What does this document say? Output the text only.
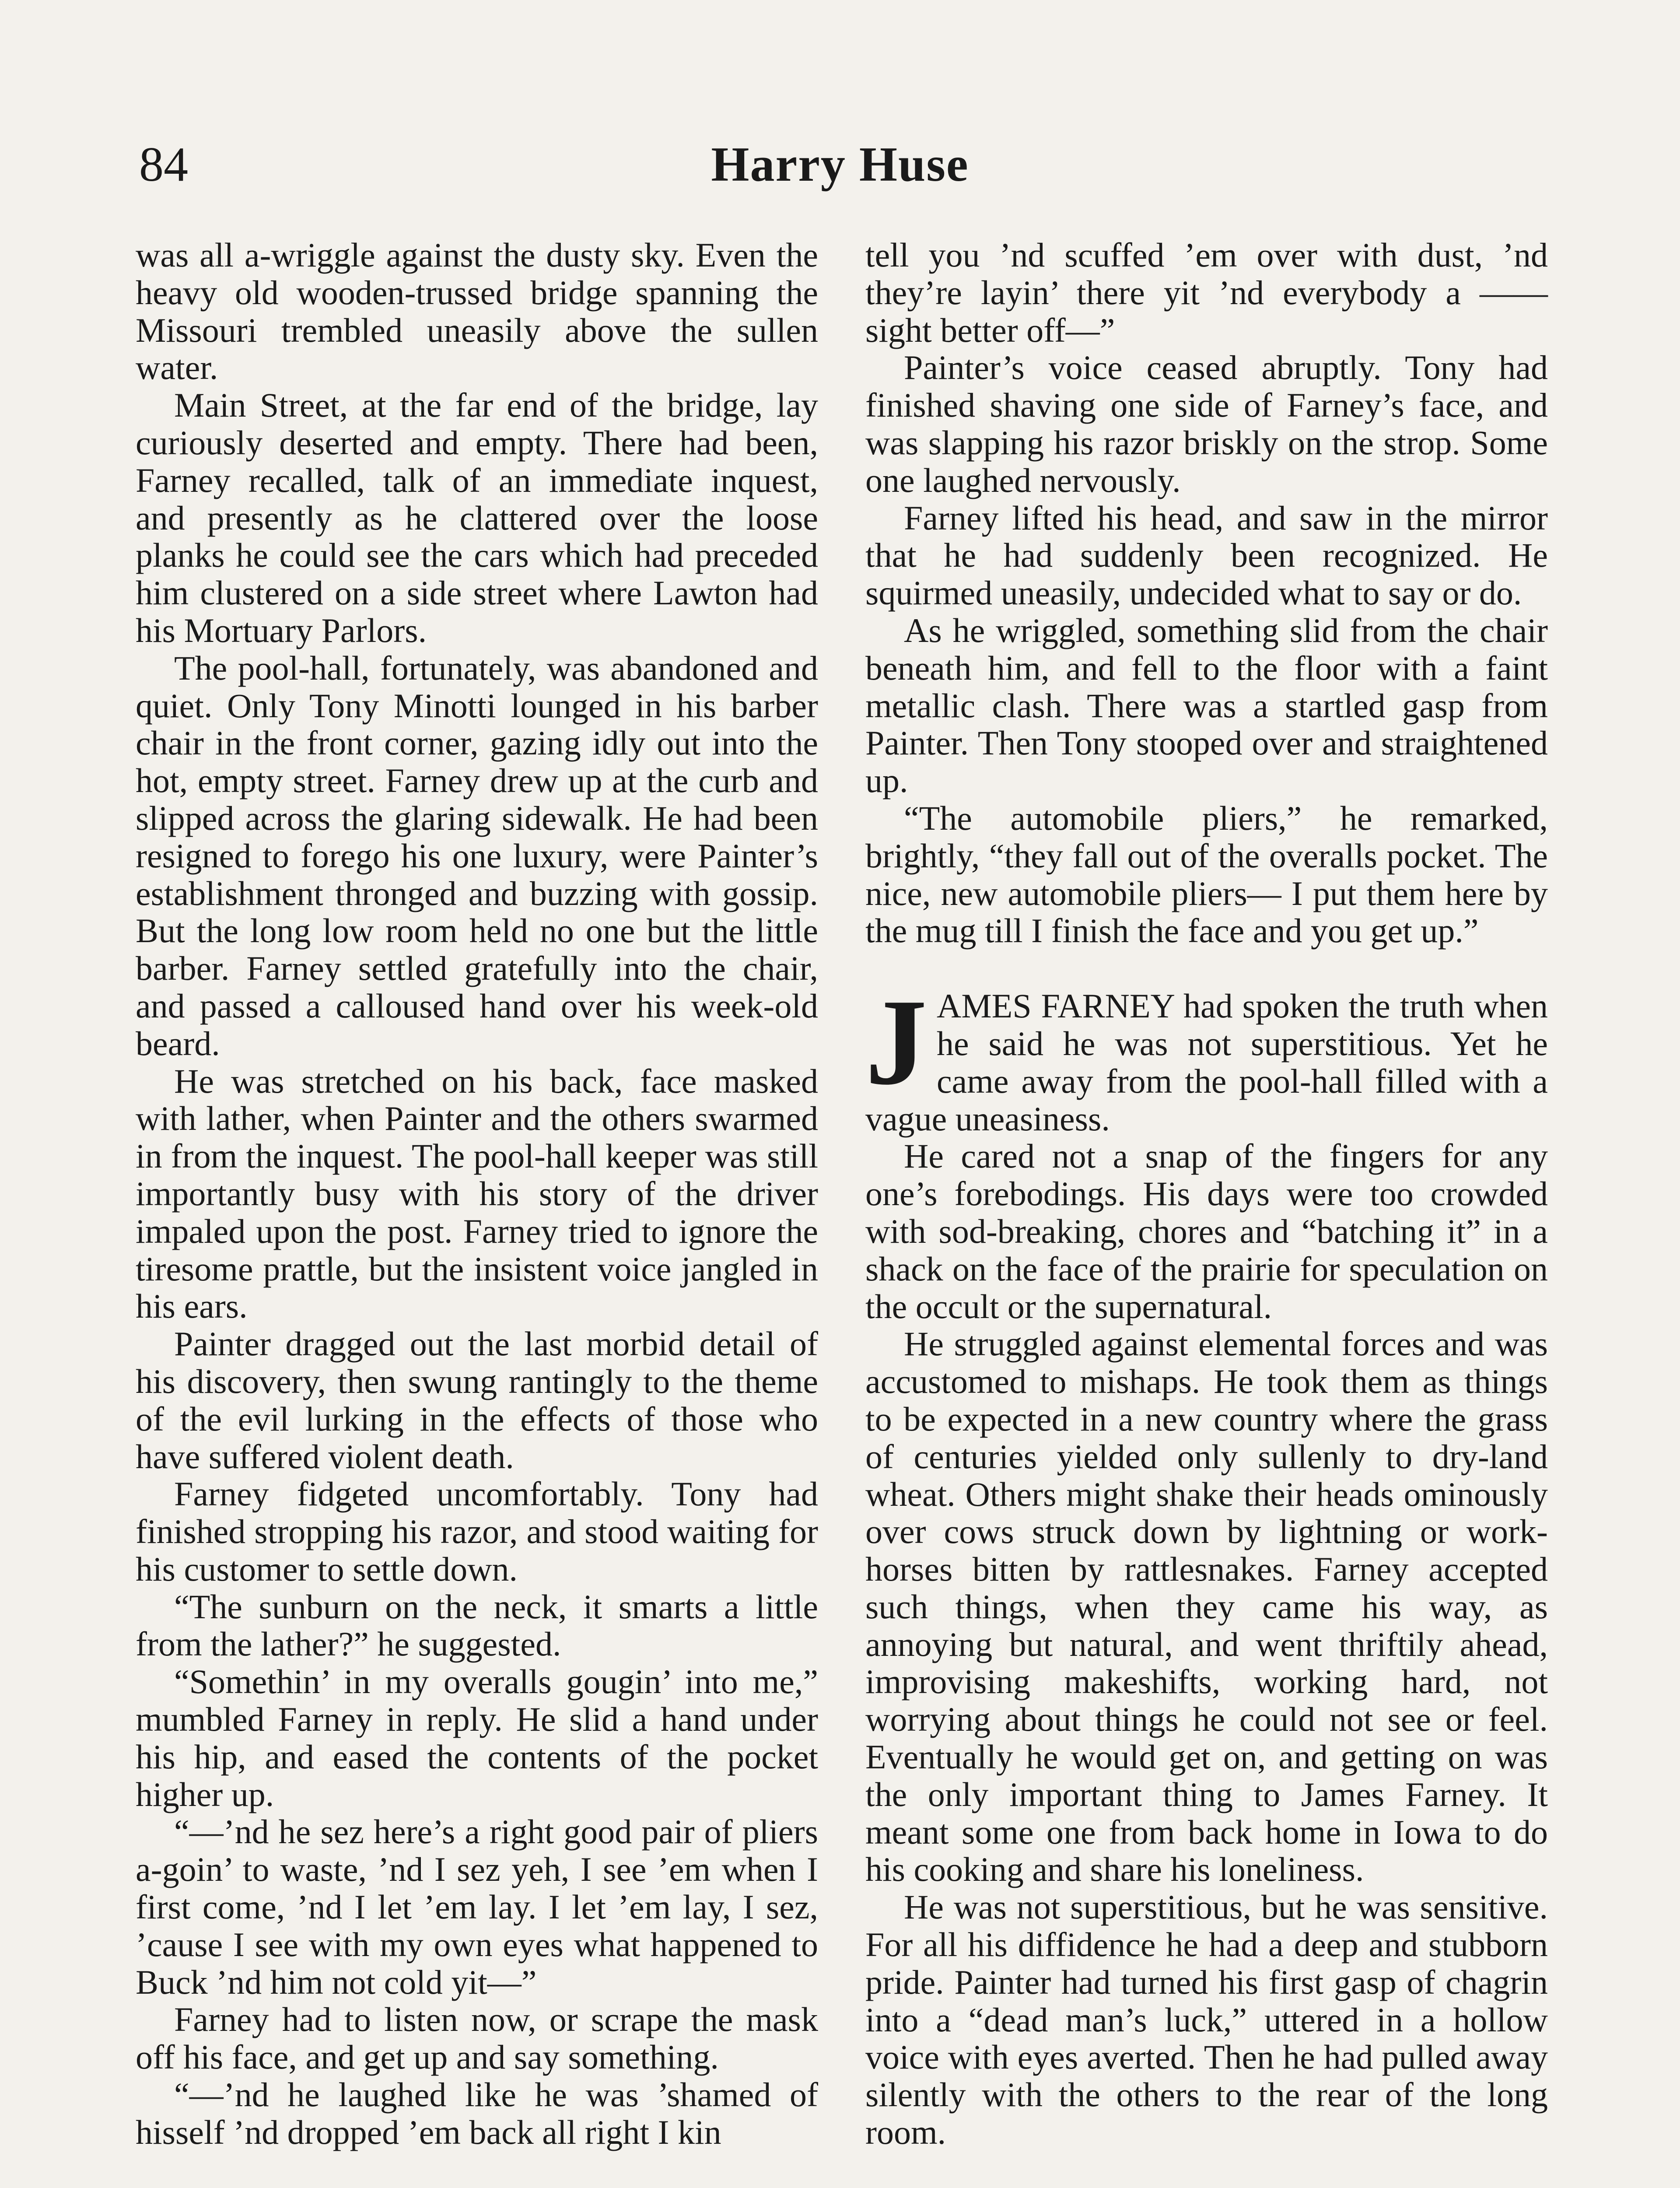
84	Harry Huse

was all a-wriggle against the dusty sky. Even the heavy old wooden-trussed bridge spanning the Missouri trembled uneasily above the sullen water.

Main Street, at the far end of the bridge, lay curiously deserted and empty. There had been, Farney recalled, talk of an immediate inquest, and presently as he clattered over the loose planks he could see the cars which had preceded him clustered on a side street where Lawton had his Mortuary Parlors.

The pool-hall, fortunately, was abandoned and quiet. Only Tony Minotti lounged in his barber chair in the front corner, gazing idly out into the hot, empty street. Farney drew up at the curb and slipped across the glaring sidewalk. He had been resigned to forego his one luxury, were Painter’s establishment thronged and buzzing with gossip. But the long low room held no one but the little barber. Farney settled gratefully into the chair, and passed a calloused hand over his week-old beard.

He was stretched on his back, face masked with lather, when Painter and the others swarmed in from the inquest. The pool-hall keeper was still importantly busy with his story of the driver impaled upon the post. Farney tried to ignore the tiresome prattle, but the insistent voice jangled in his ears.

Painter dragged out the last morbid detail of his discovery, then swung rantingly to the theme of the evil lurking in the effects of those who have suffered violent death.

Farney fidgeted uncomfortably. Tony had finished stropping his razor, and stood waiting for his customer to settle down.

“The sunburn on the neck, it smarts a little from the lather?” he suggested.

“Somethin’ in my overalls gougin’ into me,” mumbled Farney in reply. He slid a hand under his hip, and eased the contents of the pocket higher up.

“—’nd he sez here’s a right good pair of pliers a-goin’ to waste, ’nd I sez yeh, I see ’em when I first come, ’nd I let ’em lay. I let ’em lay, I sez, ’cause I see with my own eyes what happened to Buck ’nd him not cold yit—”

Farney had to listen now, or scrape the mask off his face, and get up and say something.

“—’nd he laughed like he was ’shamed of hisself ’nd dropped ’em back all right I kin

tell you ’nd scuffed ’em over with dust, ’nd they’re layin’ there yit ’nd everybody a —— sight better off—”

Painter’s voice ceased abruptly. Tony had finished shaving one side of Farney’s face, and was slapping his razor briskly on the strop. Some one laughed nervously.

Farney lifted his head, and saw in the mirror that he had suddenly been recognized. He squirmed uneasily, undecided what to say or do.

As he wriggled, something slid from the chair beneath him, and fell to the floor with a faint metallic clash. There was a startled gasp from Painter. Then Tony stooped over and straightened up.

“The automobile pliers,” he remarked, brightly, “they fall out of the overalls pocket. The nice, new automobile pliers— I put them here by the mug till I finish the face and you get up.”

JAMES FARNEY had spoken the truth when he said he was not superstitious. Yet he came away from the pool-hall filled with a vague uneasiness.

He cared not a snap of the fingers for any one’s forebodings. His days were too crowded with sod-breaking, chores and “batching it” in a shack on the face of the prairie for speculation on the occult or the supernatural.

He struggled against elemental forces and was accustomed to mishaps. He took them as things to be expected in a new country where the grass of centuries yielded only sullenly to dry-land wheat. Others might shake their heads ominously over cows struck down by lightning or work-horses bitten by rattlesnakes. Farney accepted such things, when they came his way, as annoying but natural, and went thriftily ahead, improvising makeshifts, working hard, not worrying about things he could not see or feel. Eventually he would get on, and getting on was the only important thing to James Farney. It meant some one from back home in Iowa to do his cooking and share his loneliness.

He was not superstitious, but he was sensitive. For all his diffidence he had a deep and stubborn pride. Painter had turned his first gasp of chagrin into a “dead man’s luck,” uttered in a hollow voice with eyes averted. Then he had pulled away silently with the others to the rear of the long room.
